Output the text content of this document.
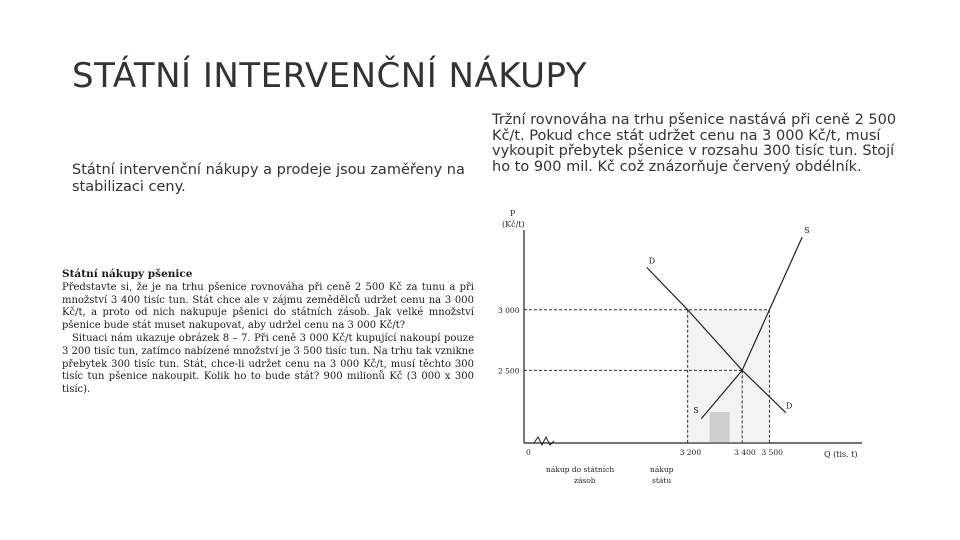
STÁTNÍ INTERVENČNÍ NÁKUPY
Státní intervenční nákupy a prodeje jsou zaměřeny na stabilizaci ceny.
Tržní rovnováha na trhu pšenice nastává při ceně 2 500 Kč/t. Pokud chce stát udržet cenu na 3 000 Kč/t, musí vykoupit přebytek pšenice v rozsahu 300 tisíc tun. Stojí ho to 900 mil. Kč což znázorňuje červený obdélník.
Státní nákupy pšenice
Představte si, že je na trhu pšenice rovnováha při ceně 2 500 Kč za tunu a při množství 3 400 tisíc tun. Stát chce ale v zájmu zemědělců udržet cenu na 3 000 Kč/t, a proto od nich nakupuje pšenici do státních zásob. Jak velké množství pšenice bude stát muset nakupovat, aby udržel cenu na 3 000 Kč/t?
Situaci nám ukazuje obrázek 8 – 7. Při ceně 3 000 Kč/t kupující nakoupí pouze 3 200 tisíc tun, zatímco nabízené množství je 3 500 tisíc tun. Na trhu tak vznikne přebytek 300 tisíc tun. Stát, chce-li udržet cenu na 3 000 Kč/t, musí těchto 300 tisíc tun pšenice nakoupit. Kolik ho to bude stát? 900 milionů Kč (3 000 x 300 tisíc).
P
(Kč/t)
Q (tis. t)
D
D
S
S
3 000
2 500
0	3 200	3 400 3 500
nákup do státních
zásob
nákup
státu
